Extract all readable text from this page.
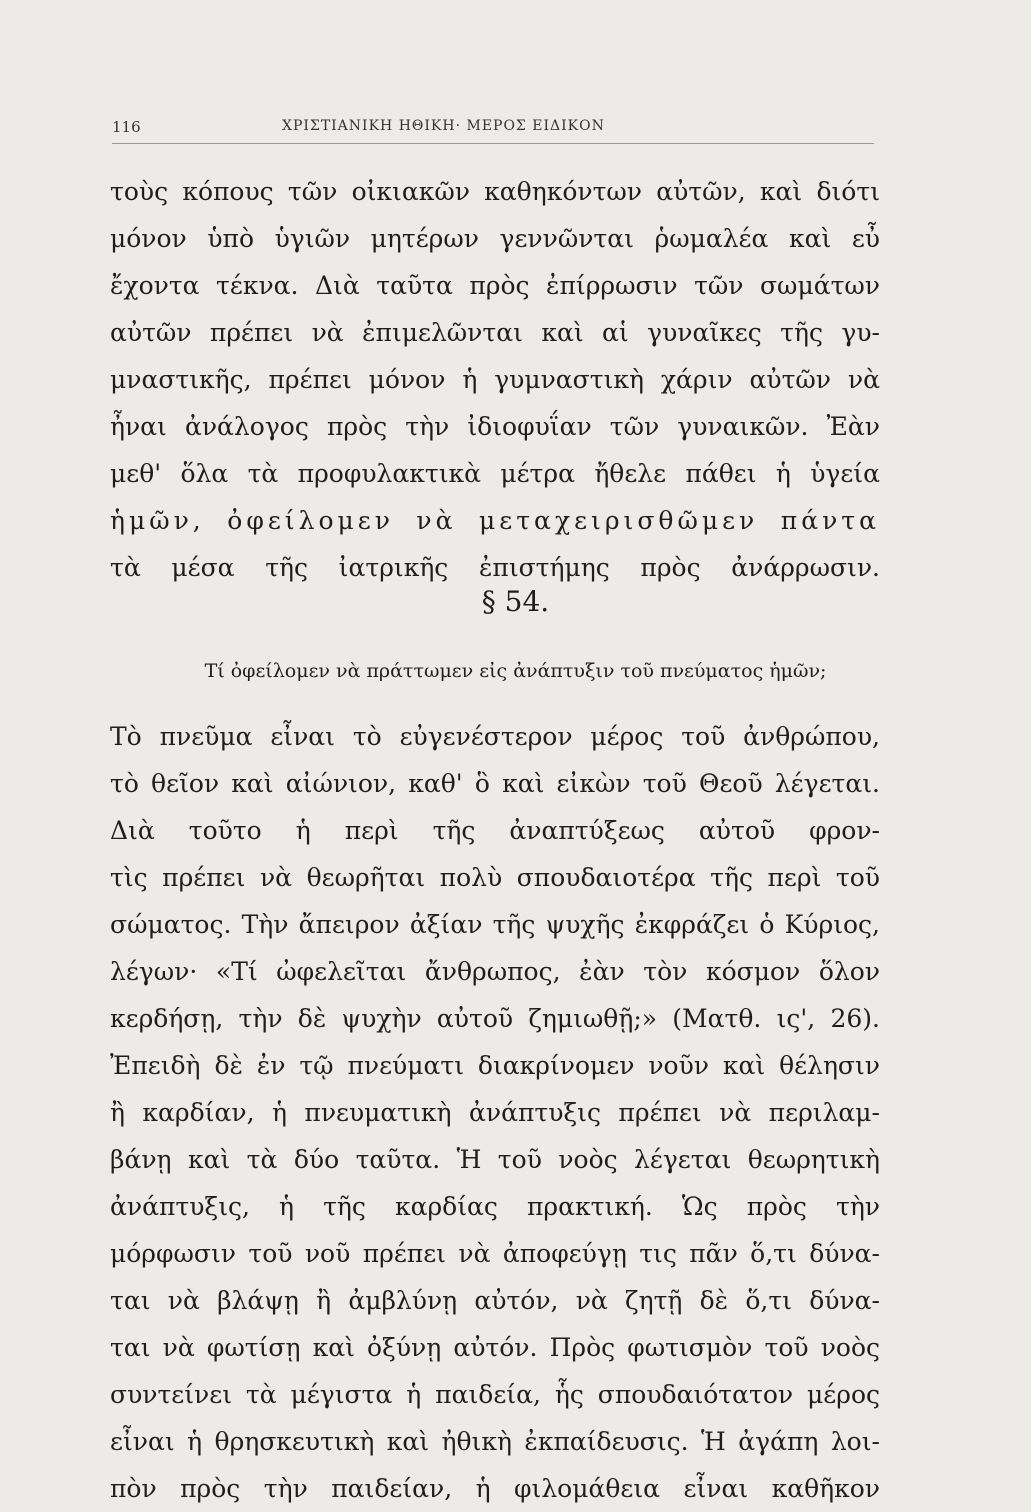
116	ΧΡΙΣΤΙΑΝΙΚΗ ΗΘΙΚΗ· ΜΕΡΟΣ ΕΙΔΙΚΟΝ
τοὺς κόπους τῶν οἰκιακῶν καθηκόντων αὐτῶν, καὶ διότι
μόνον ὑπὸ ὑγιῶν μητέρων γεννῶνται ῥωμαλέα καὶ εὖ
ἔχοντα τέκνα. Διὰ ταῦτα πρὸς ἐπίρρωσιν τῶν σωμάτων
αὐτῶν πρέπει νὰ ἐπιμελῶνται καὶ αἱ γυναῖκες τῆς γυ-
μναστικῆς, πρέπει μόνον ἡ γυμναστικὴ χάριν αὐτῶν νὰ
ἦναι ἀνάλογος πρὸς τὴν ἰδιοφυΐαν τῶν γυναικῶν. Ἐὰν
μεθ' ὅλα τὰ προφυλακτικὰ μέτρα ἤθελε πάθει ἡ ὑγεία
ἡμῶν, ὀφείλομεν νὰ μεταχειρισθῶμεν πάντα
τὰ μέσα τῆς ἰατρικῆς ἐπιστήμης πρὸς ἀνάρρωσιν.
§ 54.
Τί ὀφείλομεν νὰ πράττωμεν εἰς ἀνάπτυξιν τοῦ πνεύματος ἡμῶν;
Τὸ πνεῦμα εἶναι τὸ εὐγενέστερον μέρος τοῦ ἀνθρώπου,
τὸ θεῖον καὶ αἰώνιον, καθ' ὃ καὶ εἰκὼν τοῦ Θεοῦ λέγεται.
Διὰ τοῦτο ἡ περὶ τῆς ἀναπτύξεως αὐτοῦ φρον-
τὶς πρέπει νὰ θεωρῆται πολὺ σπουδαιοτέρα τῆς περὶ τοῦ
σώματος. Τὴν ἄπειρον ἀξίαν τῆς ψυχῆς ἐκφράζει ὁ Κύριος,
λέγων· «Τί ὠφελεῖται ἄνθρωπος, ἐὰν τὸν κόσμον ὅλον
κερδήσῃ, τὴν δὲ ψυχὴν αὐτοῦ ζημιωθῇ;» (Ματθ. ις', 26).
Ἐπειδὴ δὲ ἐν τῷ πνεύματι διακρίνομεν νοῦν καὶ θέλησιν
ἢ καρδίαν, ἡ πνευματικὴ ἀνάπτυξις πρέπει νὰ περιλαμ-
βάνῃ καὶ τὰ δύο ταῦτα. Ἡ τοῦ νοὸς λέγεται θεωρητικὴ
ἀνάπτυξις, ἡ τῆς καρδίας πρακτική. Ὡς πρὸς τὴν
μόρφωσιν τοῦ νοῦ πρέπει νὰ ἀποφεύγῃ τις πᾶν ὅ,τι δύνα-
ται νὰ βλάψῃ ἢ ἀμβλύνῃ αὐτόν, νὰ ζητῇ δὲ ὅ,τι δύνα-
ται νὰ φωτίσῃ καὶ ὀξύνῃ αὐτόν. Πρὸς φωτισμὸν τοῦ νοὸς
συντείνει τὰ μέγιστα ἡ παιδεία, ἧς σπουδαιότατον μέρος
εἶναι ἡ θρησκευτικὴ καὶ ἠθικὴ ἐκπαίδευσις. Ἡ ἀγάπη λοι-
πὸν πρὸς τὴν παιδείαν, ἡ φιλομάθεια εἶναι καθῆκον
